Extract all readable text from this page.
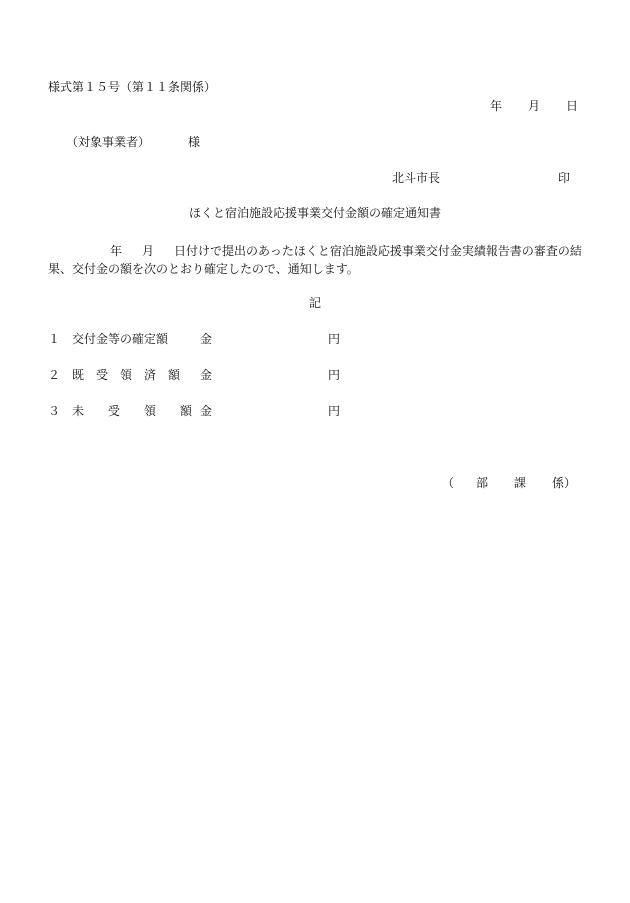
様式第１５号（第１１条関係）
年 月 日
（対象事業者）	様
北斗市長	印
ほくと宿泊施設応援事業交付金額の確定通知書
年 月 日付けで提出のあったほくと宿泊施設応援事業交付金実績報告書の審査の結果、交付金の額を次のとおり確定したので、通知します。
記
１ 交付金等の確定額	金	円
２ 既　受　領　済　額 金	円
３ 未　　受　　領　　額 金	円
（ 部 課 係）
